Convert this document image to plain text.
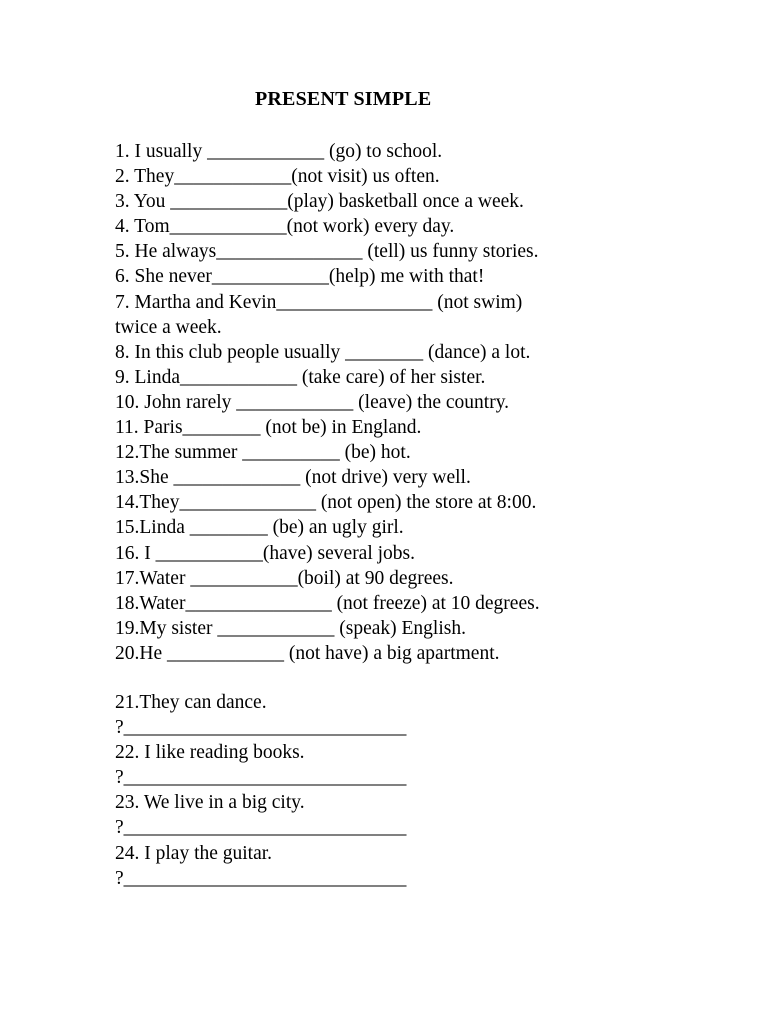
PRESENT SIMPLE
1. I usually ____________ (go) to school.
2. They____________(not visit) us often.
3. You ____________(play) basketball once a week.
4. Tom____________(not work) every day.
5. He always_______________ (tell) us funny stories.
6. She never____________(help) me with that!
7. Martha and Kevin________________ (not swim)
twice a week.
8. In this club people usually ________ (dance) a lot.
9. Linda____________ (take care) of her sister.
10. John rarely ____________ (leave) the country.
11. Paris________ (not be) in England.
12.The summer __________ (be) hot.
13.She _____________ (not drive) very well.
14.They______________ (not open) the store at 8:00.
15.Linda ________ (be) an ugly girl.
16. I ___________(have) several jobs.
17.Water ___________(boil) at 90 degrees.
18.Water_______________ (not freeze) at 10 degrees.
19.My sister ____________ (speak) English.
20.He ____________ (not have) a big apartment.
21.They can dance.
?_____________________________
22. I like reading books.
?_____________________________
23. We live in a big city.
?_____________________________
24. I play the guitar.
?_____________________________
